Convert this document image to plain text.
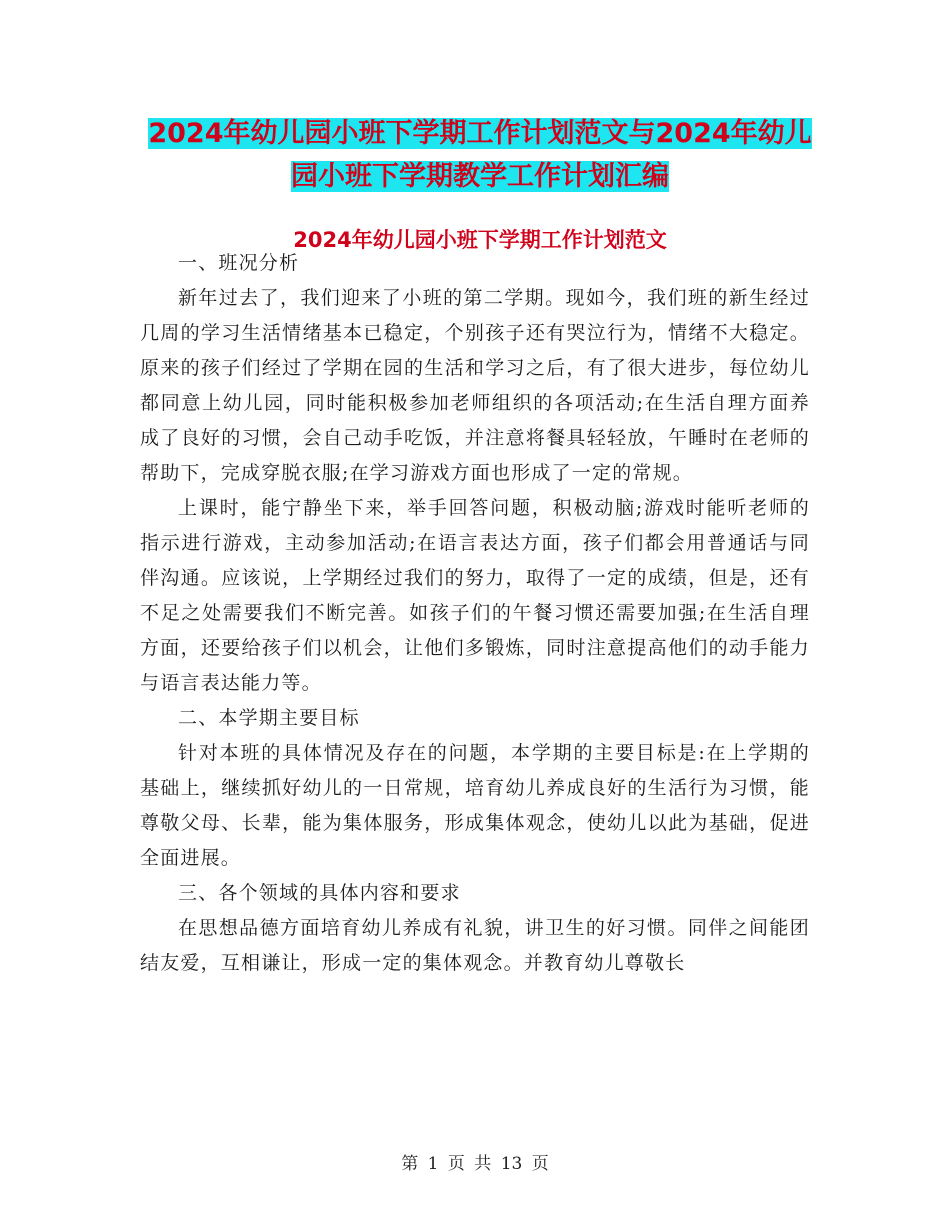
2024年幼儿园小班下学期工作计划范文与2024年幼儿
园小班下学期教学工作计划汇编
2024年幼儿园小班下学期工作计划范文

一、班况分析

新年过去了，我们迎来了小班的第二学期。现如今，我们班的新生经过几周的学习生活情绪基本已稳定，个别孩子还有哭泣行为，情绪不大稳定。原来的孩子们经过了学期在园的生活和学习之后，有了很大进步，每位幼儿都同意上幼儿园，同时能积极参加老师组织的各项活动;在生活自理方面养成了良好的习惯，会自己动手吃饭，并注意将餐具轻轻放，午睡时在老师的帮助下，完成穿脱衣服;在学习游戏方面也形成了一定的常规。

上课时，能宁静坐下来，举手回答问题，积极动脑;游戏时能听老师的指示进行游戏，主动参加活动;在语言表达方面，孩子们都会用普通话与同伴沟通。应该说，上学期经过我们的努力，取得了一定的成绩，但是，还有不足之处需要我们不断完善。如孩子们的午餐习惯还需要加强;在生活自理方面，还要给孩子们以机会，让他们多锻炼，同时注意提高他们的动手能力与语言表达能力等。

二、本学期主要目标

针对本班的具体情况及存在的问题，本学期的主要目标是:在上学期的基础上，继续抓好幼儿的一日常规，培育幼儿养成良好的生活行为习惯，能尊敬父母、长辈，能为集体服务，形成集体观念，使幼儿以此为基础，促进全面进展。

三、各个领域的具体内容和要求

在思想品德方面培育幼儿养成有礼貌，讲卫生的好习惯。同伴之间能团结友爱，互相谦让，形成一定的集体观念。并教育幼儿尊敬长

第 1 页 共 13 页
